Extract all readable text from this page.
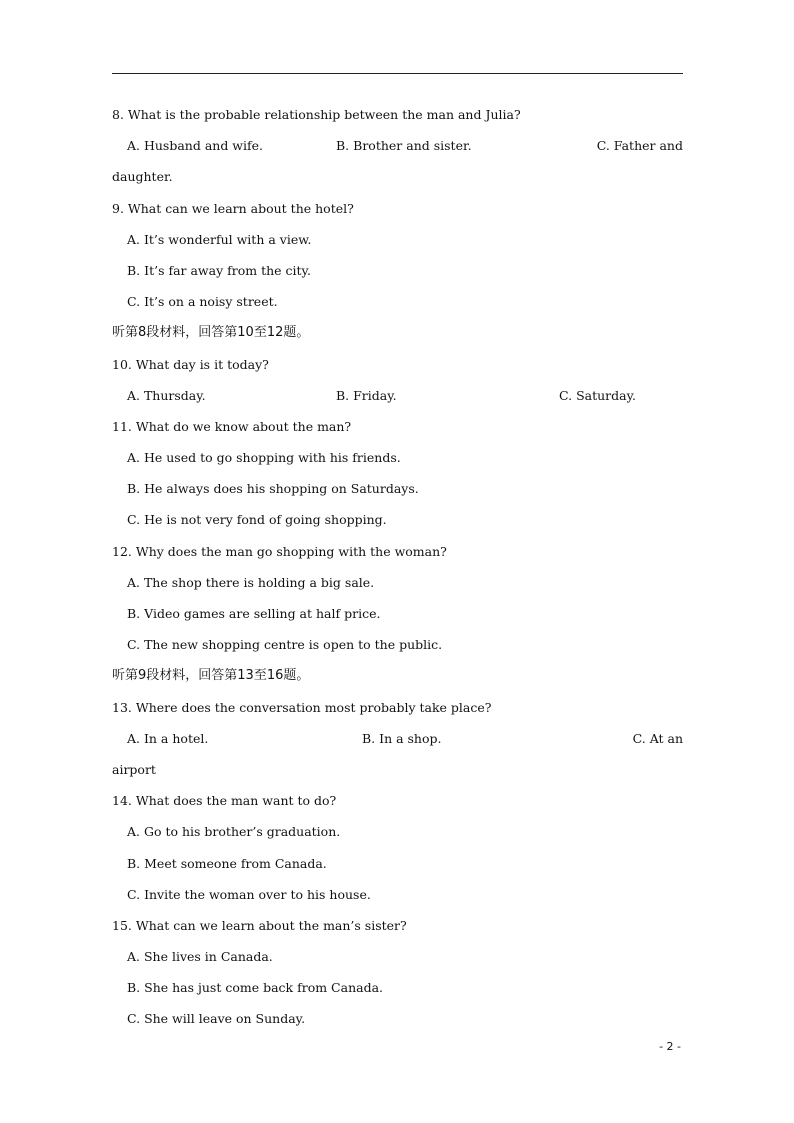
8. What is the probable relationship between the man and Julia?
A. Husband and wife.	B. Brother and sister.	C. Father and
daughter.
9. What can we learn about the hotel?
A. It’s wonderful with a view.
B. It’s far away from the city.
C. It’s on a noisy street.
听第8段材料，回答第10至12题。
10. What day is it today?
A. Thursday.	B. Friday.	C. Saturday.
11. What do we know about the man?
A. He used to go shopping with his friends.
B. He always does his shopping on Saturdays.
C. He is not very fond of going shopping.
12. Why does the man go shopping with the woman?
A. The shop there is holding a big sale.
B. Video games are selling at half price.
C. The new shopping centre is open to the public.
听第9段材料，回答第13至16题。
13. Where does the conversation most probably take place?
A. In a hotel.	B. In a shop.	C. At an
airport
14. What does the man want to do?
A. Go to his brother’s graduation.
B. Meet someone from Canada.
C. Invite the woman over to his house.
15. What can we learn about the man’s sister?
A. She lives in Canada.
B. She has just come back from Canada.
C. She will leave on Sunday.
- 2 -
